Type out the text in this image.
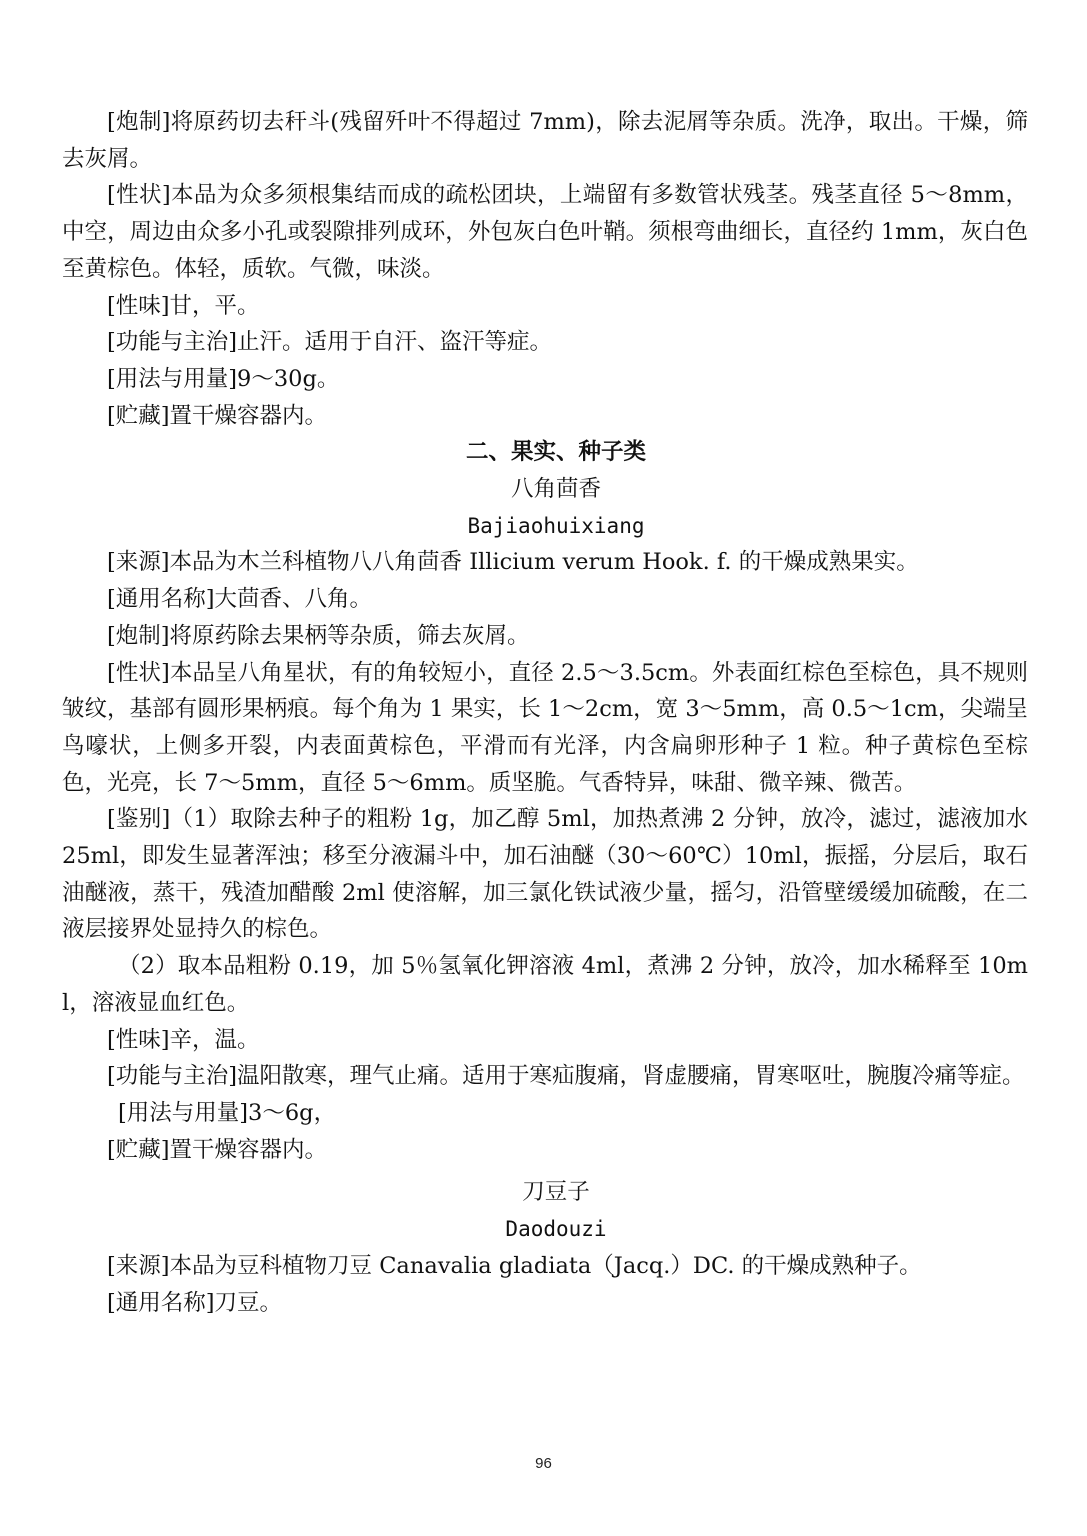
[炮制]将原药切去秆斗(残留歼叶不得超过 7mm)，除去泥屑等杂质。洗净，取出。干燥，筛去灰屑。

[性状]本品为众多须根集结而成的疏松团块，上端留有多数管状残茎。残茎直径 5～8mm，中空，周边由众多小孔或裂隙排列成环，外包灰白色叶鞘。须根弯曲细长，直径约 1mm，灰白色至黄棕色。体轻，质软。气微，味淡。

[性味]甘，平。

[功能与主治]止汗。适用于自汗、盗汗等症。

[用法与用量]9～30g。

[贮藏]置干燥容器内。

二、果实、种子类

八角茴香

Bajiaohuixiang

[来源]本品为木兰科植物八八角茴香 Illicium verum Hook. f. 的干燥成熟果实。

[通用名称]大茴香、八角。

[炮制]将原药除去果柄等杂质，筛去灰屑。

[性状]本品呈八角星状，有的角较短小，直径 2.5～3.5cm。外表面红棕色至棕色，具不规则皱纹，基部有圆形果柄痕。每个角为 1 果实，长 1～2cm，宽 3～5mm，高 0.5～1cm，尖端呈鸟嚎状，上侧多开裂，内表面黄棕色，平滑而有光泽，内含扁卵形种子 1 粒。种子黄棕色至棕色，光亮，长 7～5mm，直径 5～6mm。质坚脆。气香特异，味甜、微辛辣、微苦。

[鉴别]（1）取除去种子的粗粉 1g，加乙醇 5ml，加热煮沸 2 分钟，放冷，滤过，滤液加水 25ml，即发生显著浑浊；移至分液漏斗中，加石油醚（30～60℃）10ml，振摇，分层后，取石油醚液，蒸干，残渣加醋酸 2ml 使溶解，加三氯化铁试液少量，摇匀，沿管壁缓缓加硫酸，在二液层接界处显持久的棕色。

（2）取本品粗粉 0.19，加 5％氢氧化钾溶液 4ml，煮沸 2 分钟，放冷，加水稀释至 10ml，溶液显血红色。

[性味]辛，温。

[功能与主治]温阳散寒，理气止痛。适用于寒疝腹痛，肾虚腰痛，胃寒呕吐，腕腹冷痛等症。

[用法与用量]3～6g，

[贮藏]置干燥容器内。

刀豆子

Daodouzi

[来源]本品为豆科植物刀豆 Canavalia gladiata（Jacq.）DC. 的干燥成熟种子。

[通用名称]刀豆。

96
